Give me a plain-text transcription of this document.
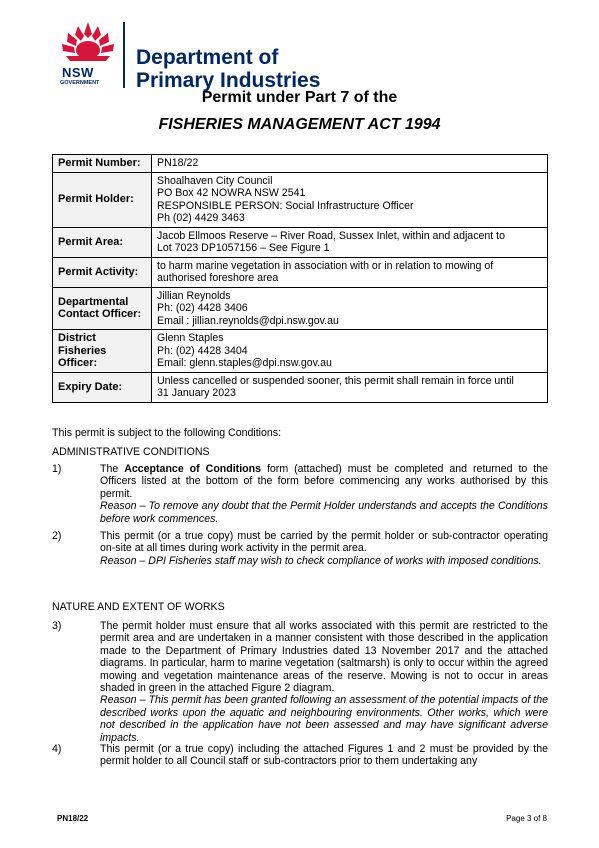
NSW
GOVERNMENT
Department of
Primary Industries
Permit under Part 7 of the
FISHERIES MANAGEMENT ACT 1994
Permit Number:	PN18/22

Permit Holder:	Shoalhaven City Council
PO Box 42 NOWRA NSW 2541
RESPONSIBLE PERSON: Social Infrastructure Officer
Ph (02) 4429 3463

Permit Area:	Jacob Ellmoos Reserve – River Road, Sussex Inlet, within and adjacent to
Lot 7023 DP1057156 – See Figure 1

Permit Activity:	to harm marine vegetation in association with or in relation to mowing of
authorised foreshore area

Departmental
Contact Officer:	Jillian Reynolds
Ph: (02) 4428 3406
Email : jillian.reynolds@dpi.nsw.gov.au

District
Fisheries
Officer:	Glenn Staples
Ph: (02) 4428 3404
Email: glenn.staples@dpi.nsw.gov.au

Expiry Date:	Unless cancelled or suspended sooner, this permit shall remain in force until
31 January 2023
This permit is subject to the following Conditions:
ADMINISTRATIVE CONDITIONS
1)	The Acceptance of Conditions form (attached) must be completed and returned to the Officers listed at the bottom of the form before commencing any works authorised by this permit.
Reason – To remove any doubt that the Permit Holder understands and accepts the Conditions before work commences.
2)	This permit (or a true copy) must be carried by the permit holder or sub-contractor operating on-site at all times during work activity in the permit area.
Reason – DPI Fisheries staff may wish to check compliance of works with imposed conditions.
NATURE AND EXTENT OF WORKS
3)	The permit holder must ensure that all works associated with this permit are restricted to the permit area and are undertaken in a manner consistent with those described in the application made to the Department of Primary Industries dated 13 November 2017 and the attached diagrams. In particular, harm to marine vegetation (saltmarsh) is only to occur within the agreed mowing and vegetation maintenance areas of the reserve. Mowing is not to occur in areas shaded in green in the attached Figure 2 diagram.
Reason – This permit has been granted following an assessment of the potential impacts of the described works upon the aquatic and neighbouring environments. Other works, which were not described in the application have not been assessed and may have significant adverse impacts.
4)	This permit (or a true copy) including the attached Figures 1 and 2 must be provided by the permit holder to all Council staff or sub-contractors prior to them undertaking any
PN18/22	Page 3 of 8
